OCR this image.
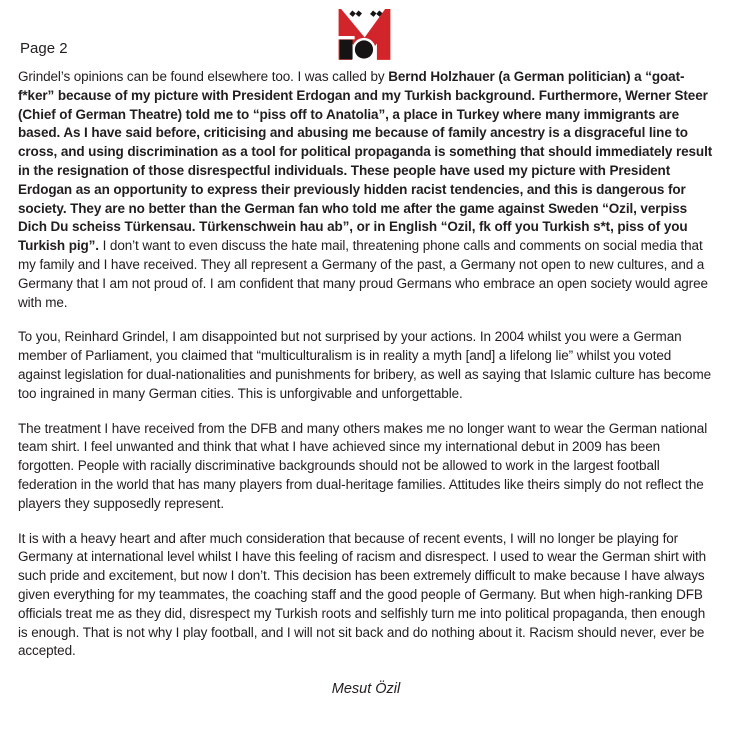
Page 2

Grindel’s opinions can be found elsewhere too. I was called by Bernd Holzhauer (a German politician) a “goat-f*ker” because of my picture with President Erdogan and my Turkish background. Furthermore, Werner Steer (Chief of German Theatre) told me to “piss off to Anatolia”, a place in Turkey where many immigrants are based. As I have said before, criticising and abusing me because of family ancestry is a disgraceful line to cross, and using discrimination as a tool for political propaganda is something that should immediately result in the resignation of those disrespectful individuals. These people have used my picture with President Erdogan as an opportunity to express their previously hidden racist tendencies, and this is dangerous for society. They are no better than the German fan who told me after the game against Sweden “Ozil, verpiss Dich Du scheiss Türkensau. Türkenschwein hau ab”, or in English “Ozil, fk off you Turkish s*t, piss of you Turkish pig”. I don’t want to even discuss the hate mail, threatening phone calls and comments on social media that my family and I have received. They all represent a Germany of the past, a Germany not open to new cultures, and a Germany that I am not proud of. I am confident that many proud Germans who embrace an open society would agree with me.

To you, Reinhard Grindel, I am disappointed but not surprised by your actions. In 2004 whilst you were a German member of Parliament, you claimed that “multiculturalism is in reality a myth [and] a lifelong lie” whilst you voted against legislation for dual-nationalities and punishments for bribery, as well as saying that Islamic culture has become too ingrained in many German cities. This is unforgivable and unforgettable.

The treatment I have received from the DFB and many others makes me no longer want to wear the German national team shirt. I feel unwanted and think that what I have achieved since my international debut in 2009 has been forgotten. People with racially discriminative backgrounds should not be allowed to work in the largest football federation in the world that has many players from dual-heritage families. Attitudes like theirs simply do not reflect the players they supposedly represent.

It is with a heavy heart and after much consideration that because of recent events, I will no longer be playing for Germany at international level whilst I have this feeling of racism and disrespect. I used to wear the German shirt with such pride and excitement, but now I don’t. This decision has been extremely difficult to make because I have always given everything for my teammates, the coaching staff and the good people of Germany. But when high-ranking DFB officials treat me as they did, disrespect my Turkish roots and selfishly turn me into political propaganda, then enough is enough. That is not why I play football, and I will not sit back and do nothing about it. Racism should never, ever be accepted.

Mesut Özil
